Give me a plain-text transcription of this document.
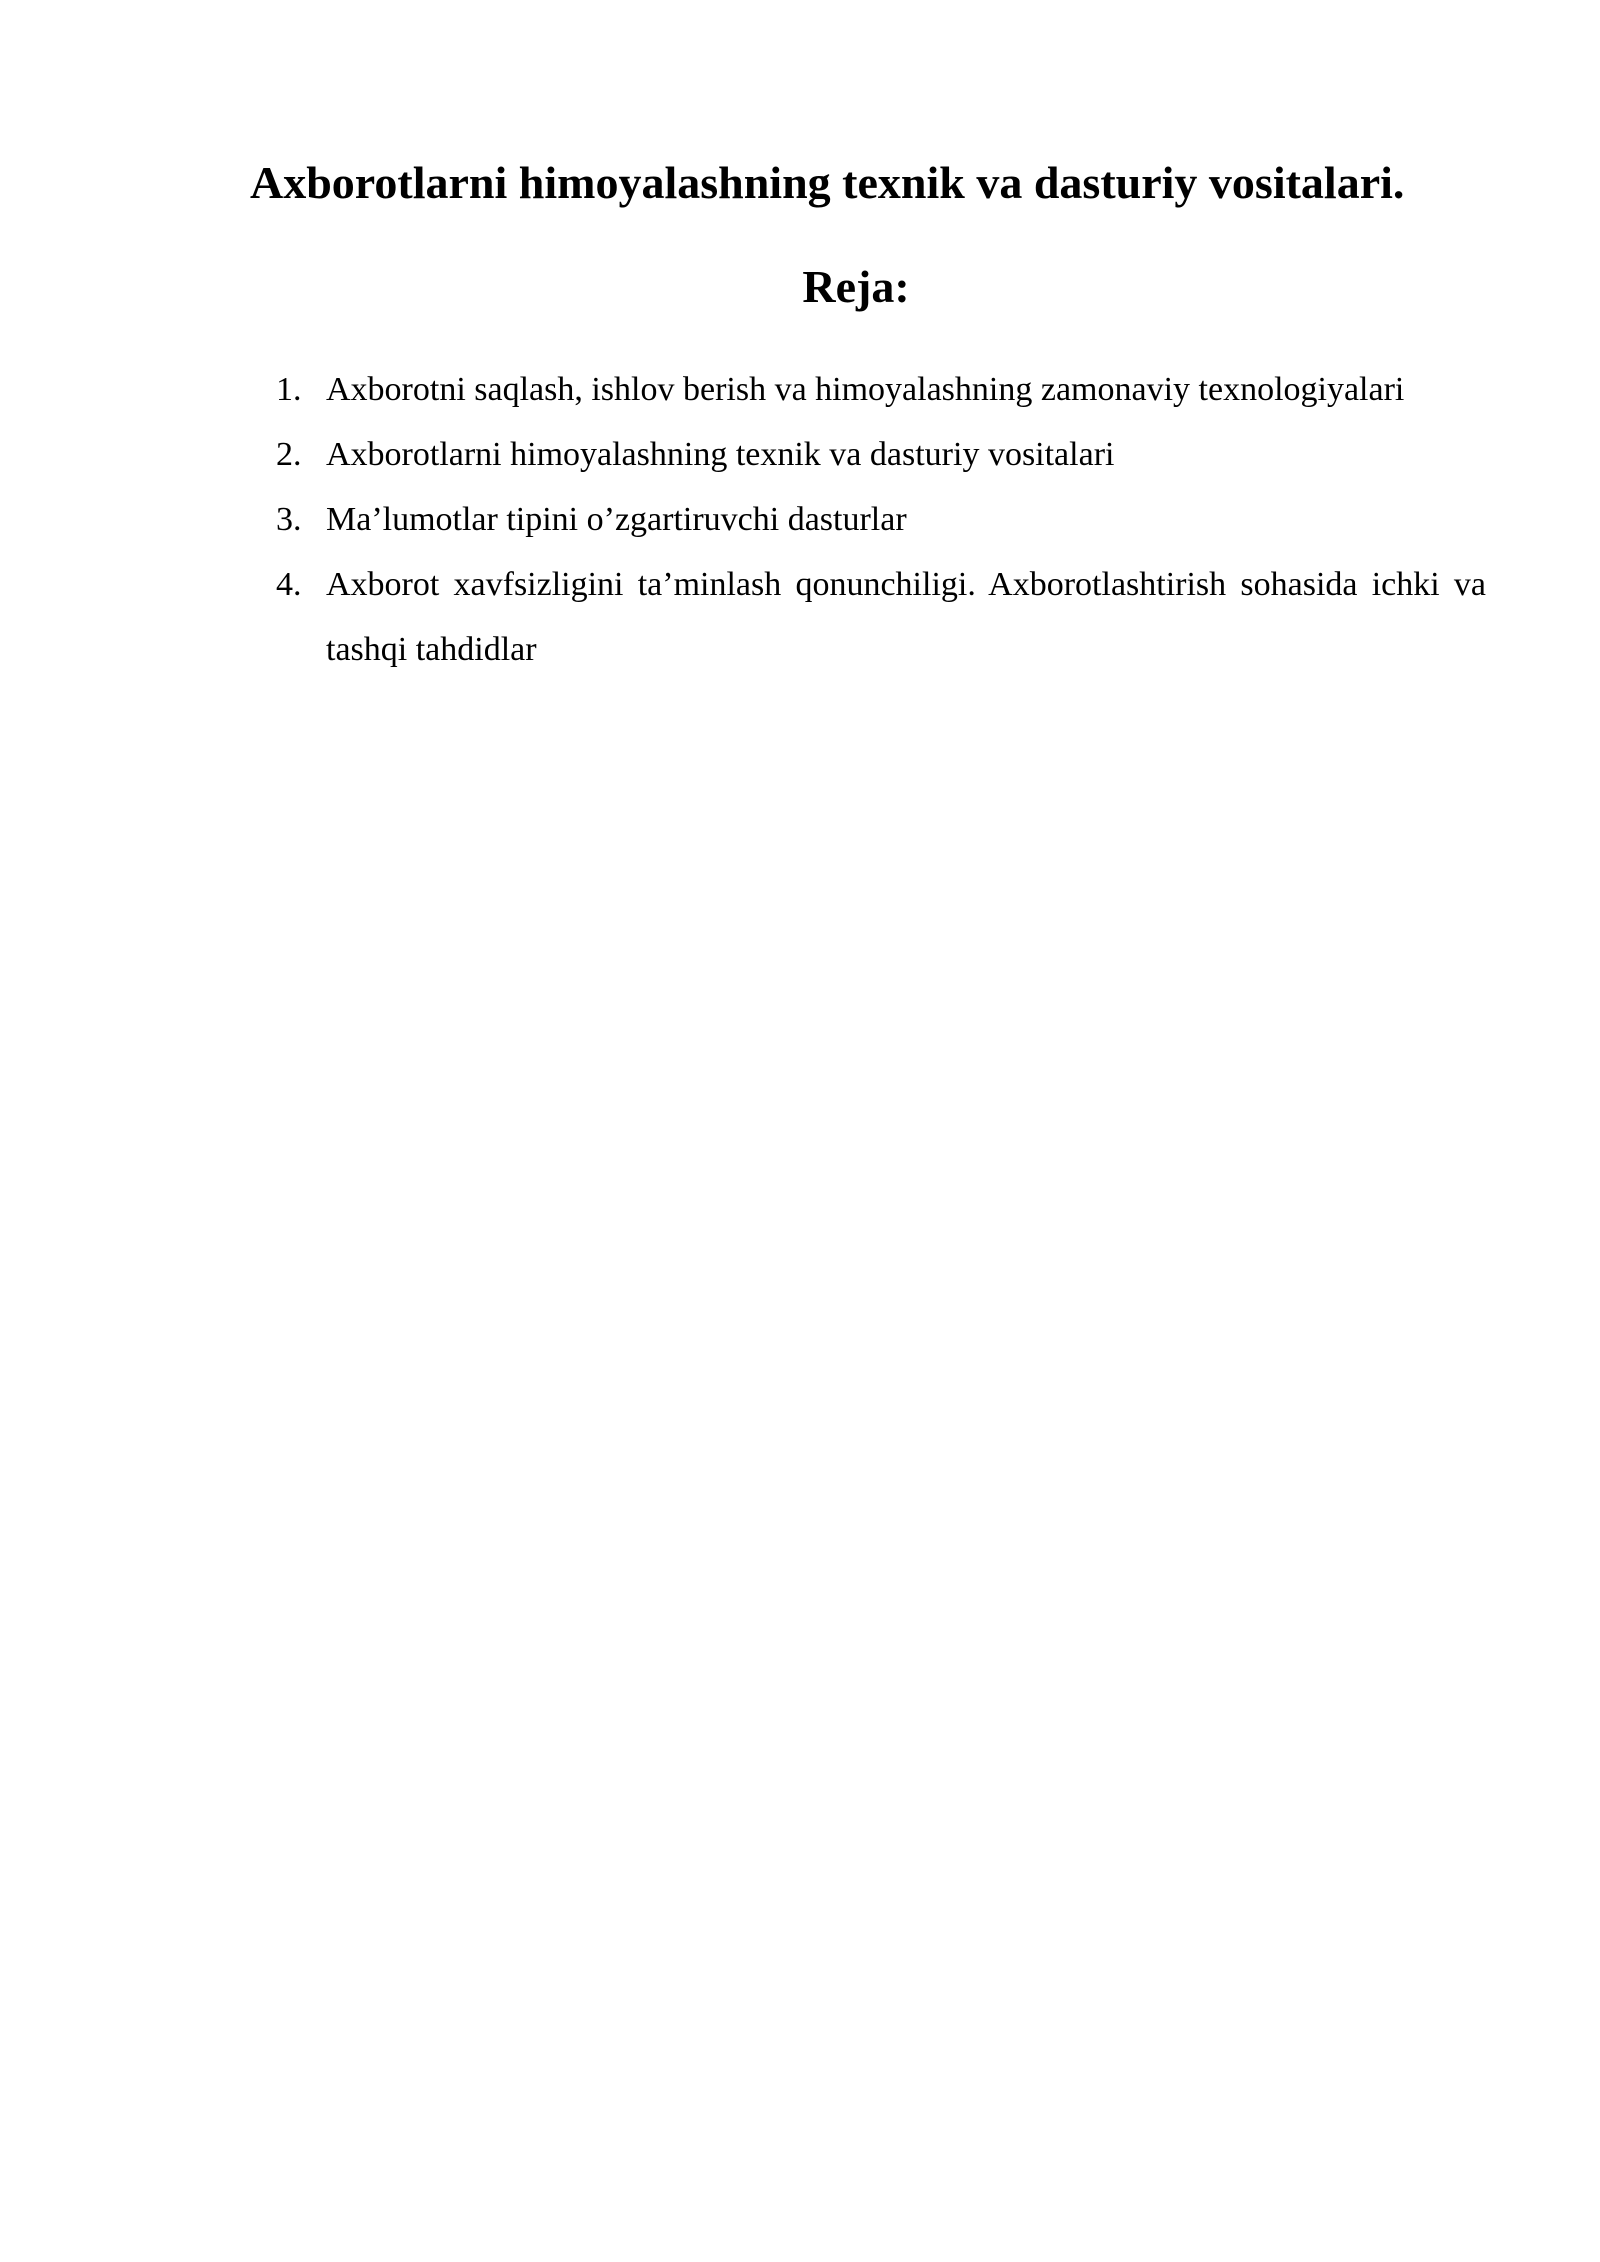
Axborotlarni himoyalashning texnik va dasturiy vositalari.
Reja:
1. Axborotni saqlash, ishlov berish va himoyalashning zamonaviy texnologiyalari
2. Axborotlarni himoyalashning texnik va dasturiy vositalari
3. Ma’lumotlar tipini o’zgartiruvchi dasturlar
4. Axborot xavfsizligini ta’minlash qonunchiligi. Axborotlashtirish sohasida ichki va tashqi tahdidlar
